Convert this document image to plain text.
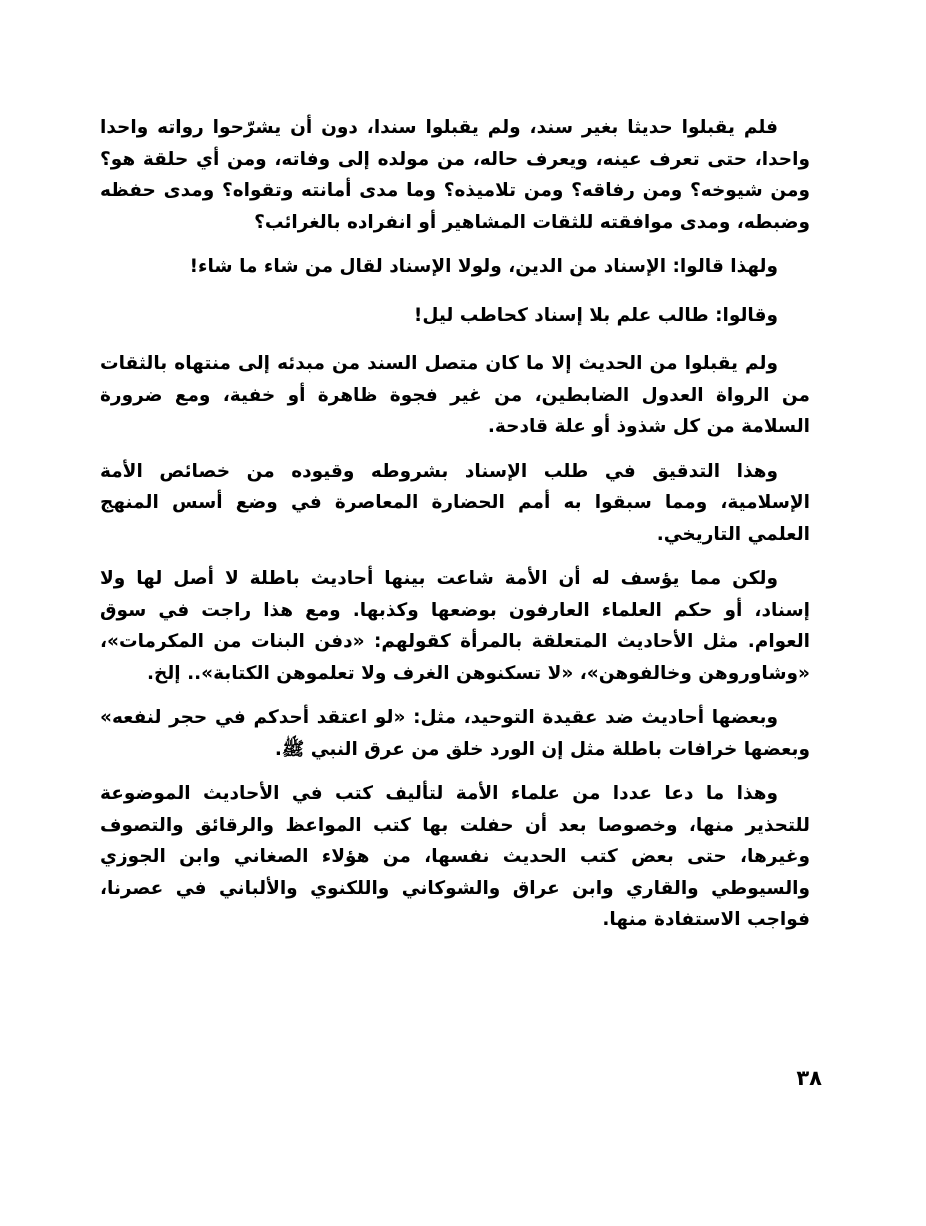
فلم يقبلوا حديثا بغير سند، ولم يقبلوا سندا، دون أن يشرّحوا رواته واحدا واحدا، حتى تعرف عينه، ويعرف حاله، من مولده إلى وفاته، ومن أي حلقة هو؟ ومن شيوخه؟ ومن رفاقه؟ ومن تلاميذه؟ وما مدى أمانته وتقواه؟ ومدى حفظه وضبطه، ومدى موافقته للثقات المشاهير أو انفراده بالغرائب؟

ولهذا قالوا: الإسناد من الدين، ولولا الإسناد لقال من شاء ما شاء!

وقالوا: طالب علم بلا إسناد كحاطب ليل!

ولم يقبلوا من الحديث إلا ما كان متصل السند من مبدئه إلى منتهاه بالثقات من الرواة العدول الضابطين، من غير فجوة ظاهرة أو خفية، ومع ضرورة السلامة من كل شذوذ أو علة قادحة.

وهذا التدقيق في طلب الإسناد بشروطه وقيوده من خصائص الأمة الإسلامية، ومما سبقوا به أمم الحضارة المعاصرة في وضع أسس المنهج العلمي التاريخي.

ولكن مما يؤسف له أن الأمة شاعت بينها أحاديث باطلة لا أصل لها ولا إسناد، أو حكم العلماء العارفون بوضعها وكذبها. ومع هذا راجت في سوق العوام. مثل الأحاديث المتعلقة بالمرأة كقولهم: «دفن البنات من المكرمات»، «وشاوروهن وخالفوهن»، «لا تسكنوهن الغرف ولا تعلموهن الكتابة».. إلخ.

وبعضها أحاديث ضد عقيدة التوحيد، مثل: «لو اعتقد أحدكم في حجر لنفعه» وبعضها خرافات باطلة مثل إن الورد خلق من عرق النبي ﷺ.

وهذا ما دعا عددا من علماء الأمة لتأليف كتب في الأحاديث الموضوعة للتحذير منها، وخصوصا بعد أن حفلت بها كتب المواعظ والرقائق والتصوف وغيرها، حتى بعض كتب الحديث نفسها، من هؤلاء الصغاني وابن الجوزي والسيوطي والقاري وابن عراق والشوكاني واللكنوي والألباني في عصرنا، فواجب الاستفادة منها.

٣٨
